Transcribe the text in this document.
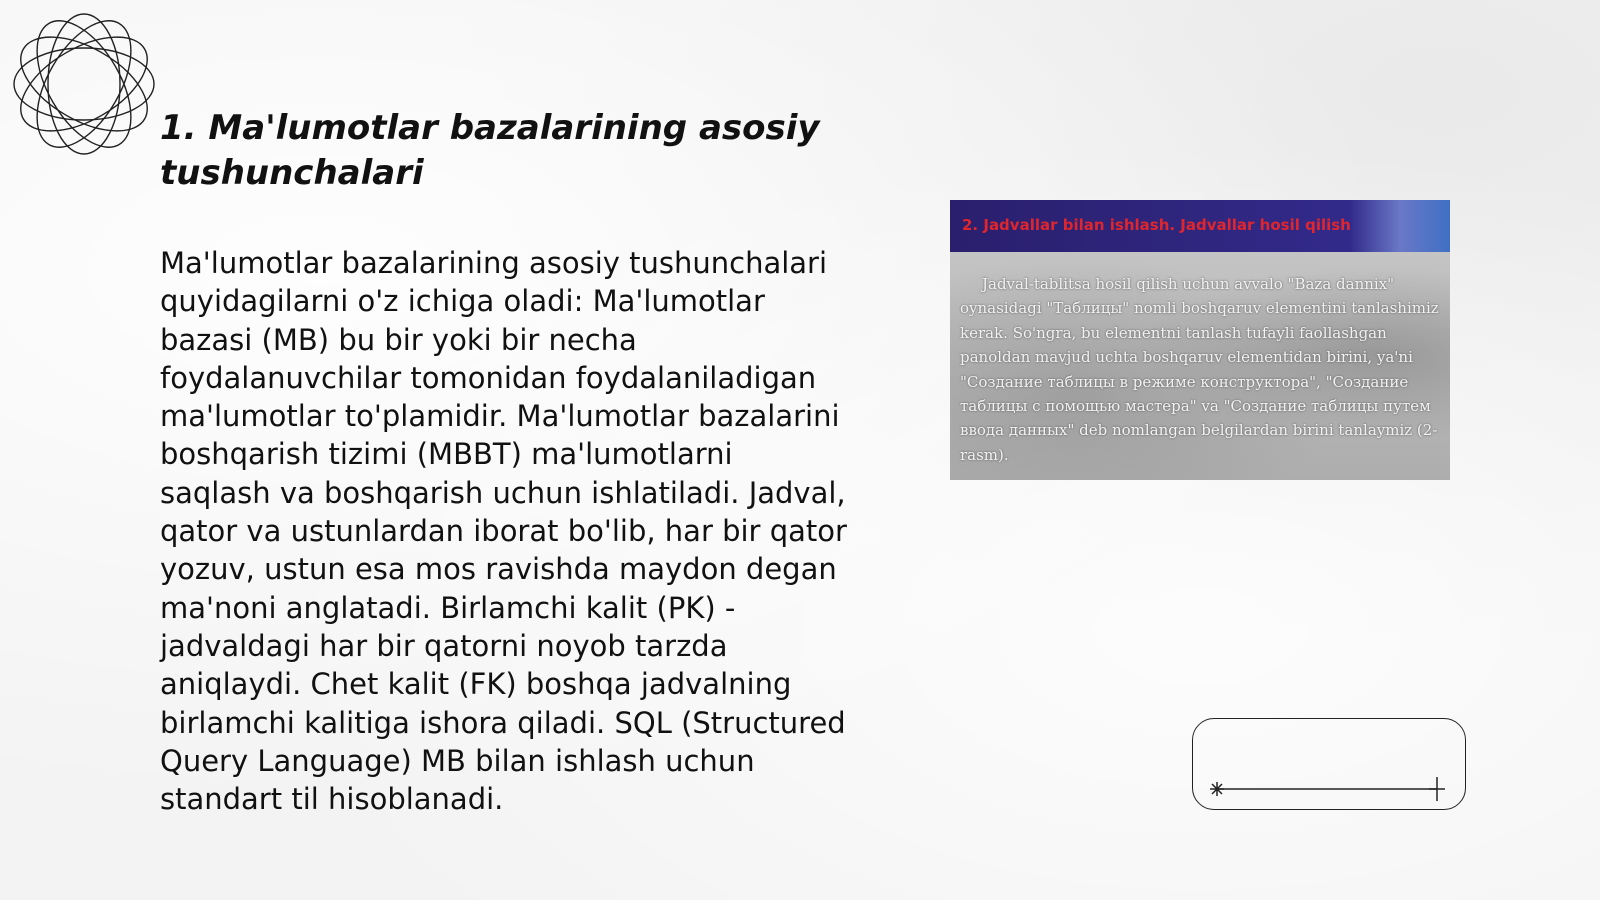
1. Ma'lumotlar bazalarining asosiy tushunchalari

Ma'lumotlar bazalarining asosiy tushunchalari quyidagilarni o'z ichiga oladi: Ma'lumotlar bazasi (MB) bu bir yoki bir necha foydalanuvchilar tomonidan foydalaniladigan ma'lumotlar to'plamidir. Ma'lumotlar bazalarini boshqarish tizimi (MBBT) ma'lumotlarni saqlash va boshqarish uchun ishlatiladi. Jadval, qator va ustunlardan iborat bo'lib, har bir qator yozuv, ustun esa mos ravishda maydon degan ma'noni anglatadi. Birlamchi kalit (PK) - jadvaldagi har bir qatorni noyob tarzda aniqlaydi. Chet kalit (FK) boshqa jadvalning birlamchi kalitiga ishora qiladi. SQL (Structured Query Language) MB bilan ishlash uchun standart til hisoblanadi.

2. Jadvallar bilan ishlash. Jadvallar hosil qilish

Jadval-tablitsa hosil qilish uchun avvalo "Baza dannix" oynasidagi "Таблицы" nomli boshqaruv elementini tanlashimiz kerak. So'ngra, bu elementni tanlash tufayli faollashgan panoldan mavjud uchta boshqaruv elementidan birini, ya'ni "Создание таблицы в режиме конструктора", "Создание таблицы с помощью мастера" va "Создание таблицы путем ввода данных" deb nomlangan belgilardan birini tanlaymiz (2-rasm).
